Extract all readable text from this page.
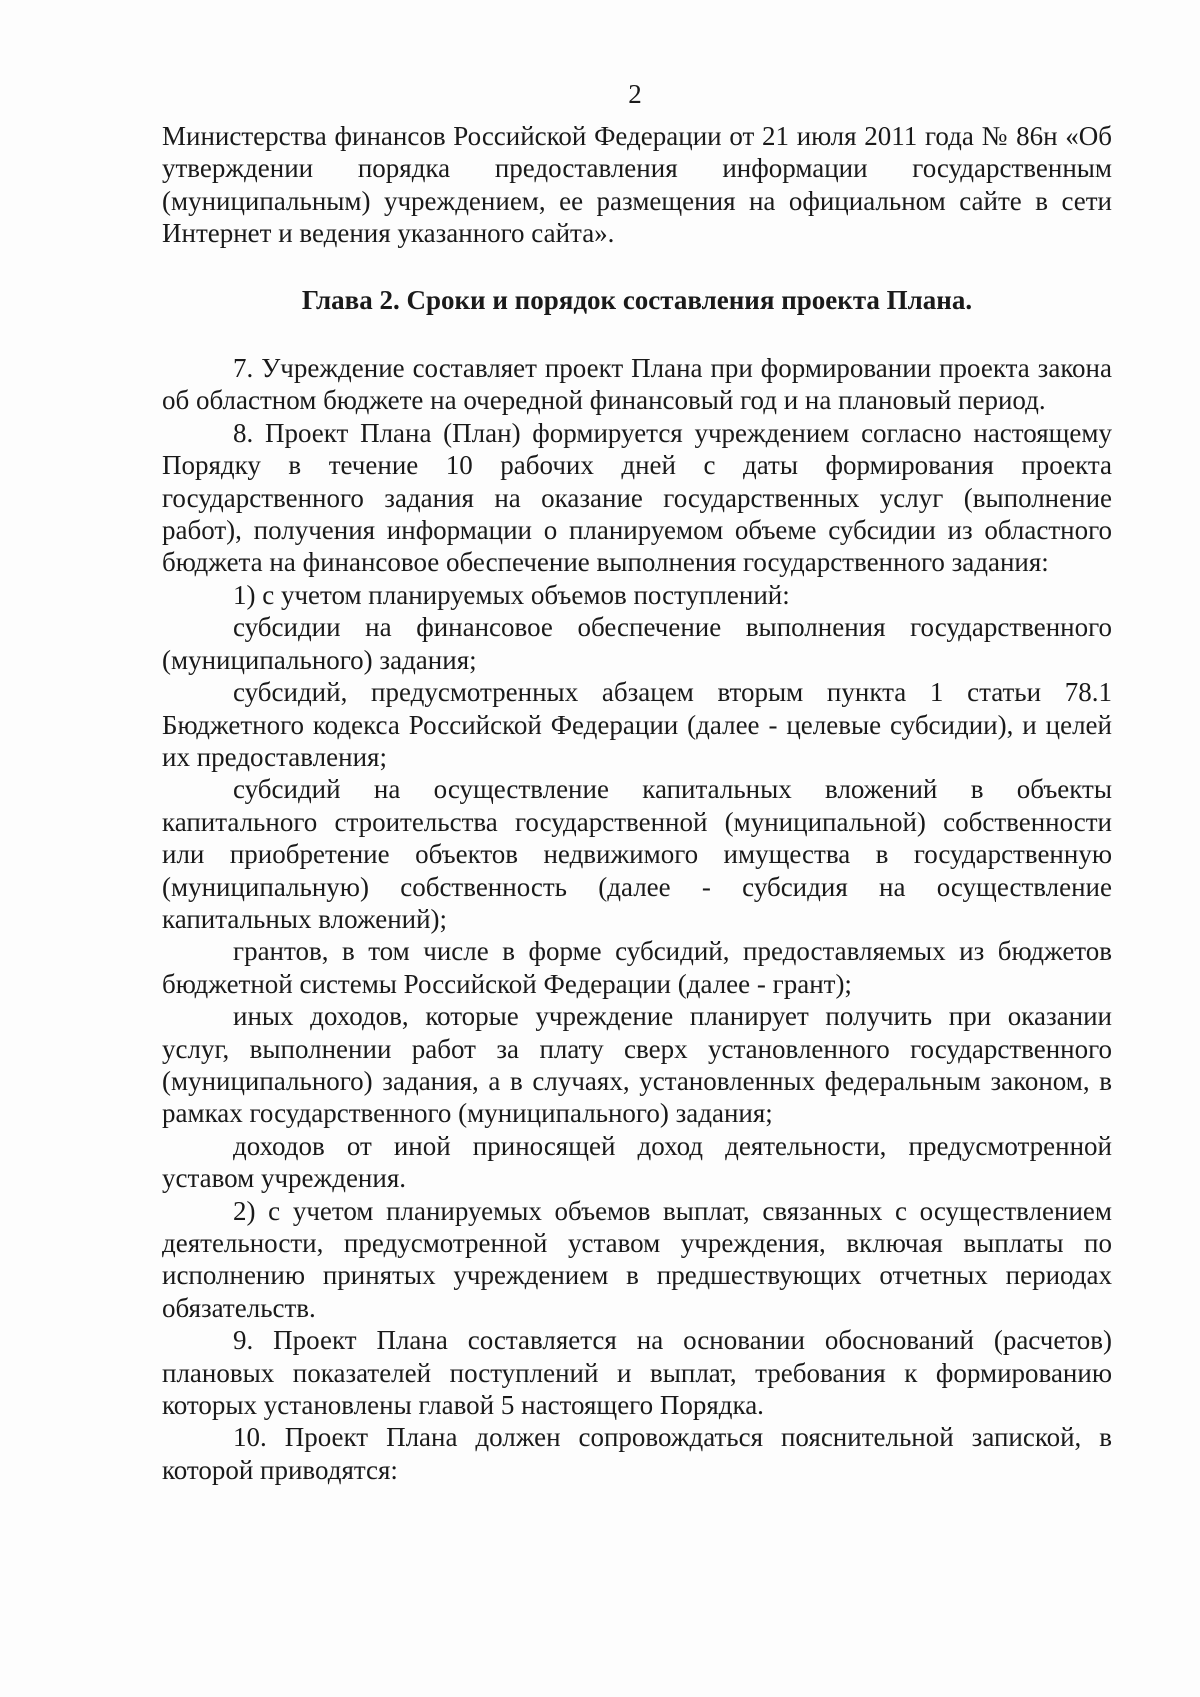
2

Министерства финансов Российской Федерации от 21 июля 2011 года № 86н «Об утверждении порядка предоставления информации государственным (муниципальным) учреждением, ее размещения на официальном сайте в сети Интернет и ведения указанного сайта».

Глава 2. Сроки и порядок составления проекта Плана.

7. Учреждение составляет проект Плана при формировании проекта закона об областном бюджете на очередной финансовый год и на плановый период.

8. Проект Плана (План) формируется учреждением согласно настоящему Порядку в течение 10 рабочих дней с даты формирования проекта государственного задания на оказание государственных услуг (выполнение работ), получения информации о планируемом объеме субсидии из областного бюджета на финансовое обеспечение выполнения государственного задания:

1) с учетом планируемых объемов поступлений:

субсидии на финансовое обеспечение выполнения государственного (муниципального) задания;

субсидий, предусмотренных абзацем вторым пункта 1 статьи 78.1 Бюджетного кодекса Российской Федерации (далее - целевые субсидии), и целей их предоставления;

субсидий на осуществление капитальных вложений в объекты капитального строительства государственной (муниципальной) собственности или приобретение объектов недвижимого имущества в государственную (муниципальную) собственность (далее - субсидия на осуществление капитальных вложений);

грантов, в том числе в форме субсидий, предоставляемых из бюджетов бюджетной системы Российской Федерации (далее - грант);

иных доходов, которые учреждение планирует получить при оказании услуг, выполнении работ за плату сверх установленного государственного (муниципального) задания, а в случаях, установленных федеральным законом, в рамках государственного (муниципального) задания;

доходов от иной приносящей доход деятельности, предусмотренной уставом учреждения.

2) с учетом планируемых объемов выплат, связанных с осуществлением деятельности, предусмотренной уставом учреждения, включая выплаты по исполнению принятых учреждением в предшествующих отчетных периодах обязательств.

9. Проект Плана составляется на основании обоснований (расчетов) плановых показателей поступлений и выплат, требования к формированию которых установлены главой 5 настоящего Порядка.

10. Проект Плана должен сопровождаться пояснительной запиской, в которой приводятся:
